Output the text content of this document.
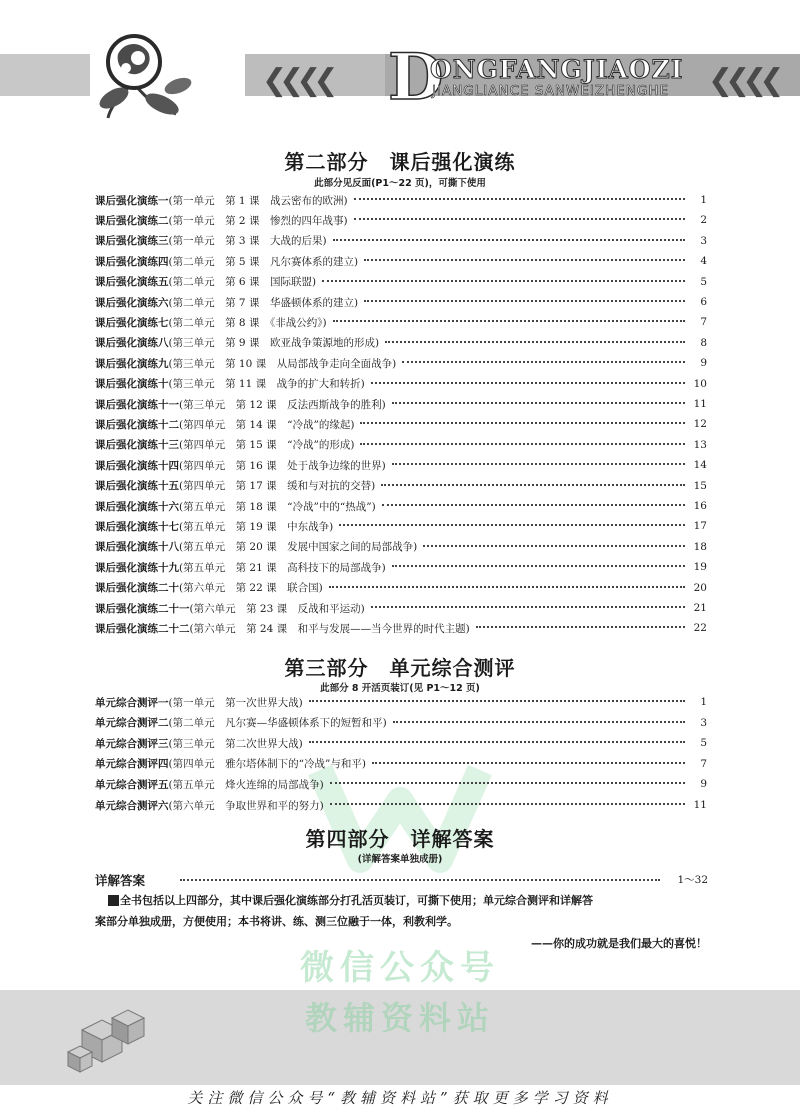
❮❮❮❮	❮❮❮❮
D
ONGFANGJIAOZI
JIANGLIANCE SANWEIZHENGHE
微信公众号
第二部分　课后强化演练
此部分见反面(P1～22 页)，可撕下使用
课后强化演练一 (第一单元　第 1 课　战云密布的欧洲)	1
课后强化演练二 (第一单元　第 2 课　惨烈的四年战事)	2
课后强化演练三 (第一单元　第 3 课　大战的后果)	3
课后强化演练四 (第二单元　第 5 课　凡尔赛体系的建立)	4
课后强化演练五 (第二单元　第 6 课　国际联盟)	5
课后强化演练六 (第二单元　第 7 课　华盛顿体系的建立)	6
课后强化演练七 (第二单元　第 8 课　《非战公约》)	7
课后强化演练八 (第三单元　第 9 课　欧亚战争策源地的形成)	8
课后强化演练九 (第三单元　第 10 课　从局部战争走向全面战争)	9
课后强化演练十 (第三单元　第 11 课　战争的扩大和转折)	10
课后强化演练十一 (第三单元　第 12 课　反法西斯战争的胜利)	11
课后强化演练十二 (第四单元　第 14 课　“冷战”的缘起)	12
课后强化演练十三 (第四单元　第 15 课　“冷战”的形成)	13
课后强化演练十四 (第四单元　第 16 课　处于战争边缘的世界)	14
课后强化演练十五 (第四单元　第 17 课　缓和与对抗的交替)	15
课后强化演练十六 (第五单元　第 18 课　“冷战”中的“热战”)	16
课后强化演练十七 (第五单元　第 19 课　中东战争)	17
课后强化演练十八 (第五单元　第 20 课　发展中国家之间的局部战争)	18
课后强化演练十九 (第五单元　第 21 课　高科技下的局部战争)	19
课后强化演练二十 (第六单元　第 22 课　联合国)	20
课后强化演练二十一 (第六单元　第 23 课　反战和平运动)	21
课后强化演练二十二 (第六单元　第 24 课　和平与发展——当今世界的时代主题)	22
第三部分　单元综合测评
此部分 8 开活页装订(见 P1～12 页)
单元综合测评一 (第一单元　第一次世界大战)	1
单元综合测评二 (第二单元　凡尔赛—华盛顿体系下的短暂和平)	3
单元综合测评三 (第三单元　第二次世界大战)	5
单元综合测评四 (第四单元　雅尔塔体制下的“冷战”与和平)	7
单元综合测评五 (第五单元　烽火连绵的局部战争)	9
单元综合测评六 (第六单元　争取世界和平的努力)	11
第四部分　详解答案
(详解答案单独成册)
详解答案	1～32
全书包括以上四部分，其中课后强化演练部分打孔活页装订，可撕下使用；单元综合测评和详解答
案部分单独成册，方便使用；本书将讲、练、测三位融于一体，利教利学。
——你的成功就是我们最大的喜悦！
教辅资料站
关注微信公众号“教辅资料站”获取更多学习资料
